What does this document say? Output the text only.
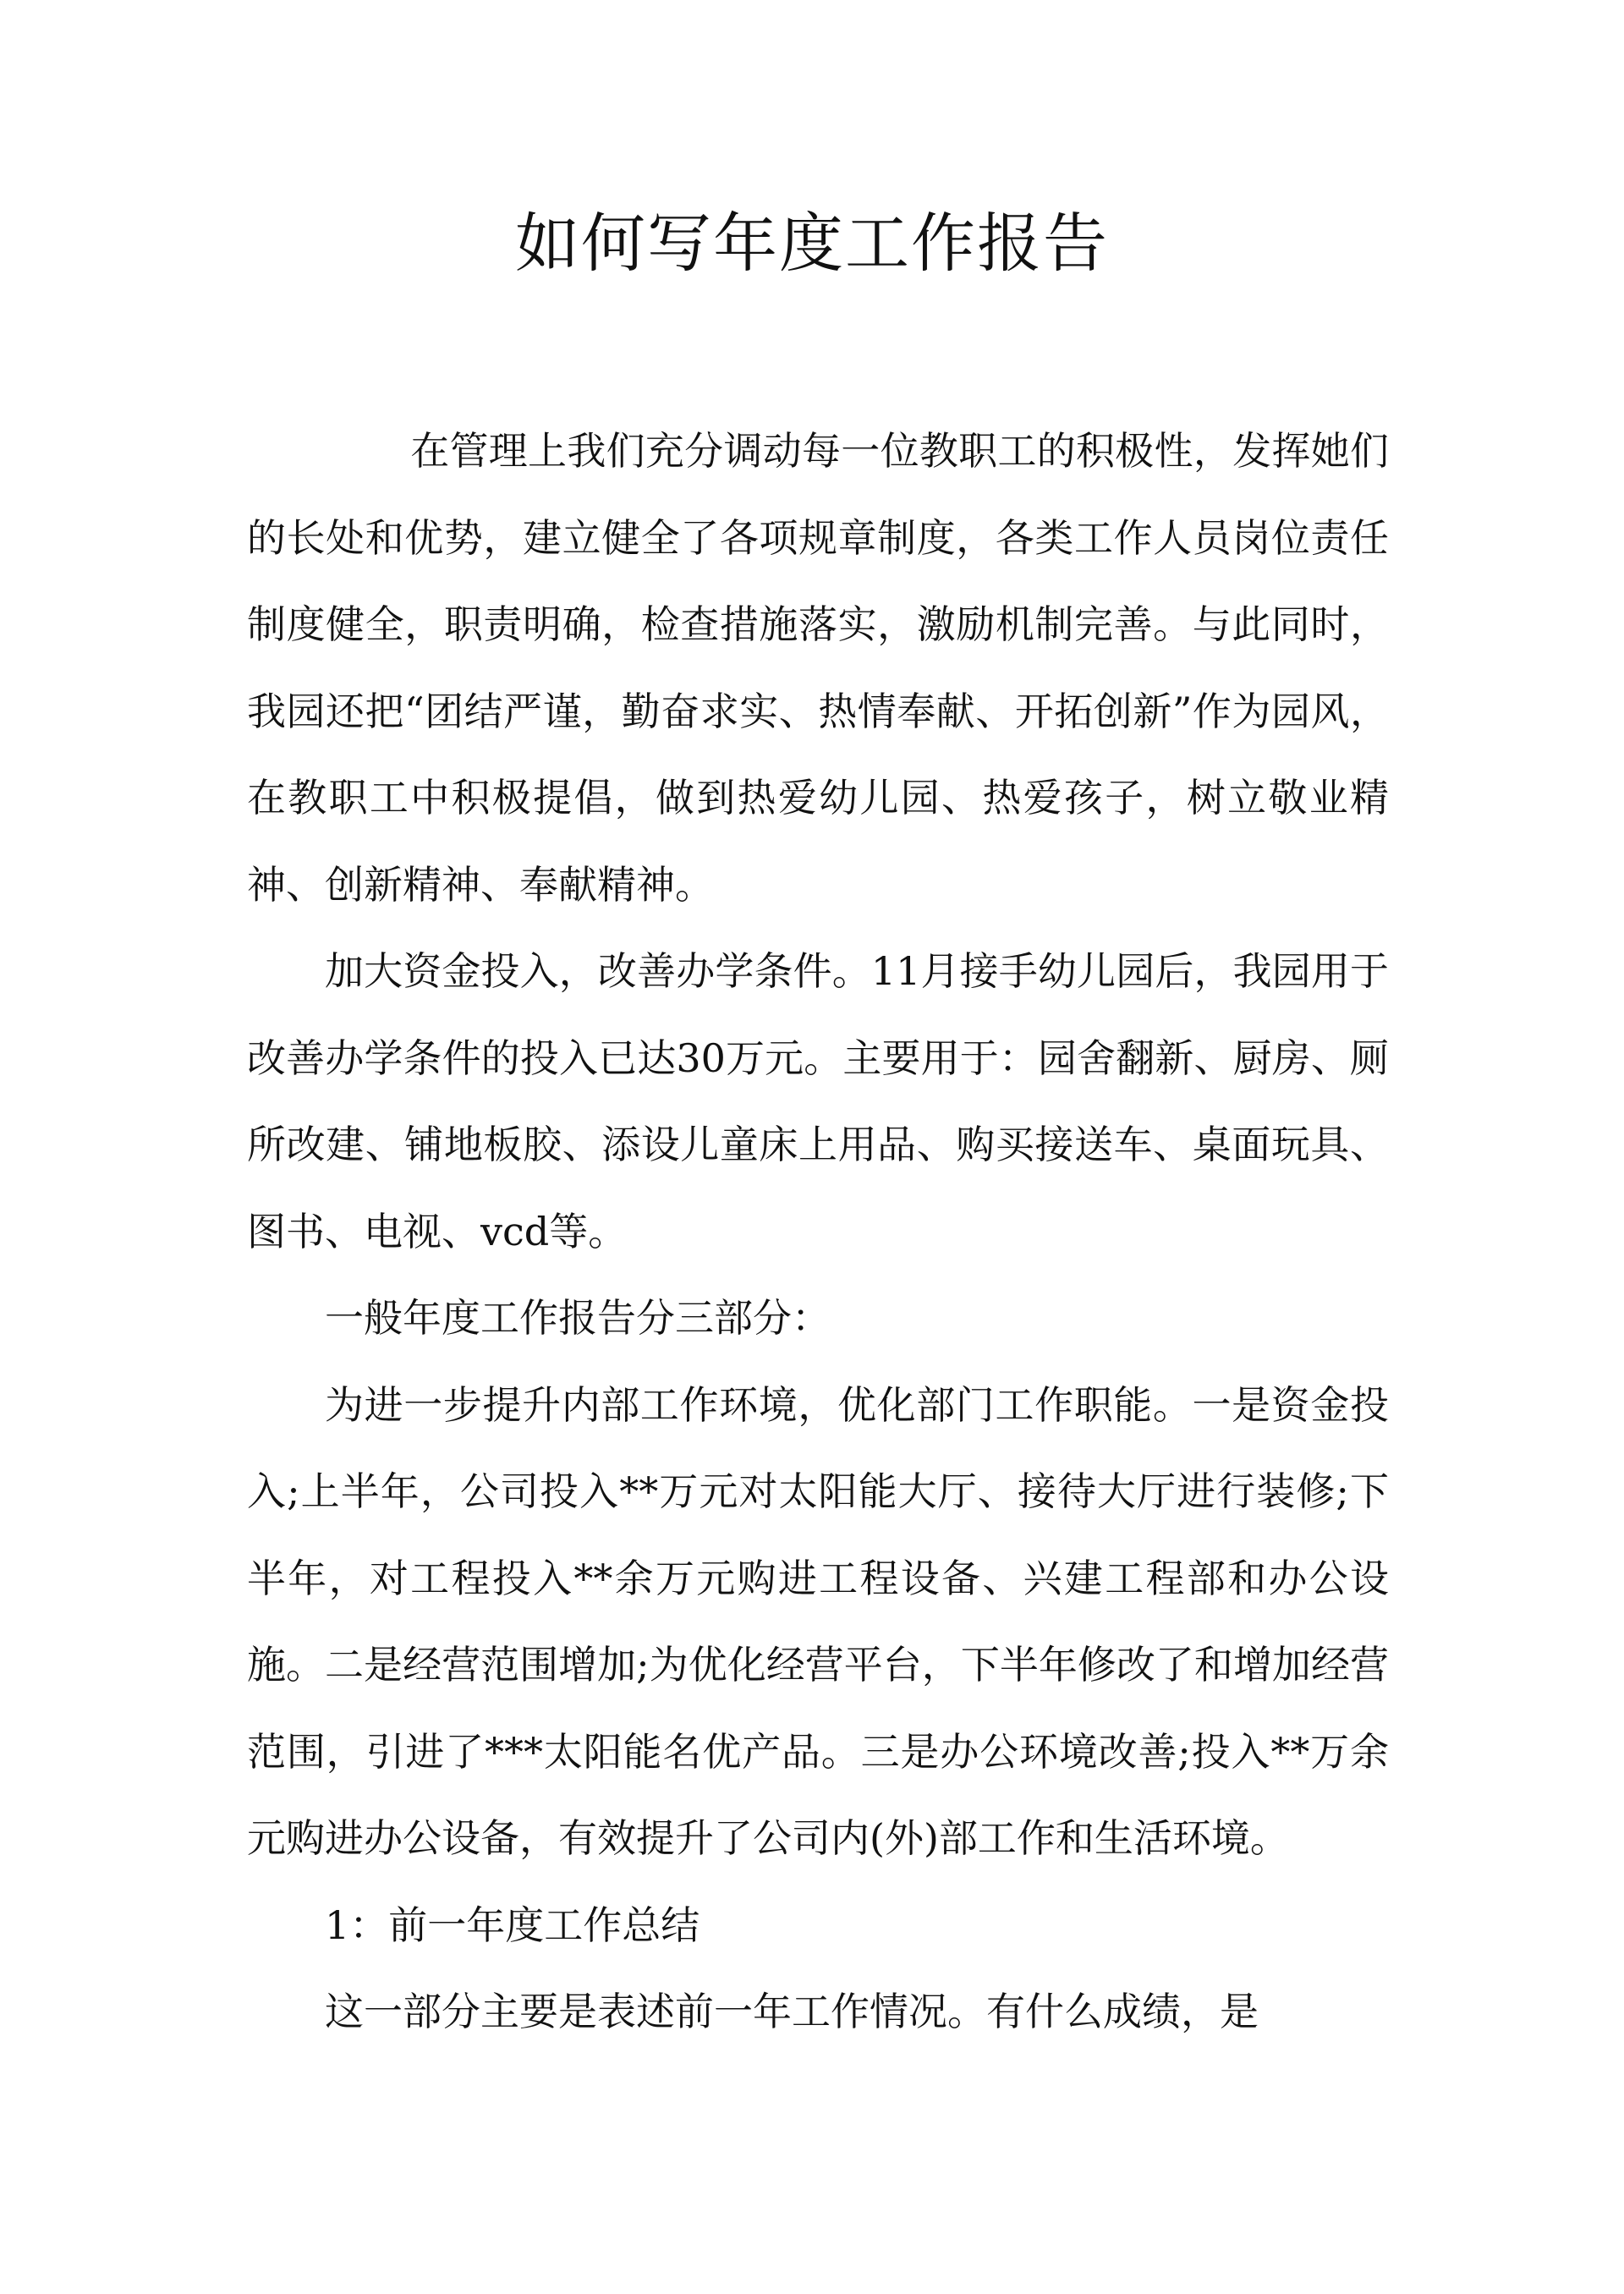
如何写年度工作报告

在管理上我们充分调动每一位教职工的积极性，发挥她们的长处和优势，建立健全了各项规章制度，各类工作人员岗位责任制度健全，职责明确，检查措施落实，激励机制完善。与此同时，我园还把“团结严谨，勤奋求实、热情奉献、开拓创新”作为园风，在教职工中积极提倡，做到热爱幼儿园、热爱孩子，树立敬业精神、创新精神、奉献精神。

加大资金投入，改善办学条件。11月接手幼儿园后，我园用于改善办学条件的投入已达30万元。主要用于：园舍翻新、厨房、厕所改建、铺地板胶、添设儿童床上用品、购买接送车、桌面玩具、图书、电视、vcd等。

一般年度工作报告分三部分：

为进一步提升内部工作环境，优化部门工作职能。一是资金投入;上半年，公司投入**万元对太阳能大厅、接待大厅进行装修;下半年，对工程投入**余万元购进工程设备、兴建工程部和办公设施。二是经营范围增加;为优化经营平台，下半年修改了和增加经营范围，引进了***太阳能名优产品。三是办公环境改善;投入**万余元购进办公设备，有效提升了公司内(外)部工作和生活环境。

1：前一年度工作总结

这一部分主要是表述前一年工作情况。有什么成绩，是
